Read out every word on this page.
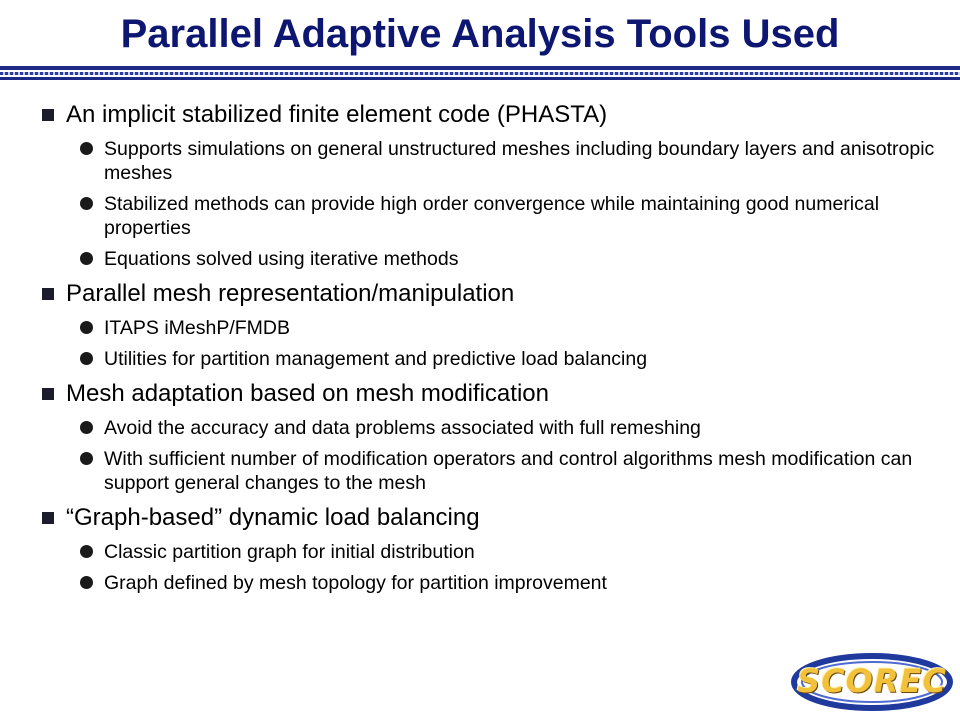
Parallel Adaptive Analysis Tools Used
An implicit stabilized finite element code (PHASTA)
Supports simulations on general unstructured meshes including boundary layers and anisotropic meshes
Stabilized methods can provide high order convergence while maintaining good numerical properties
Equations solved using iterative methods
Parallel mesh representation/manipulation
ITAPS iMeshP/FMDB
Utilities for partition management and predictive load balancing
Mesh adaptation based on mesh modification
Avoid the accuracy and data problems associated with full remeshing
With sufficient number of modification operators and control algorithms mesh modification can support general changes to the mesh
“Graph-based” dynamic load balancing
Classic partition graph for initial distribution
Graph defined by mesh topology for partition improvement
SCOREC
